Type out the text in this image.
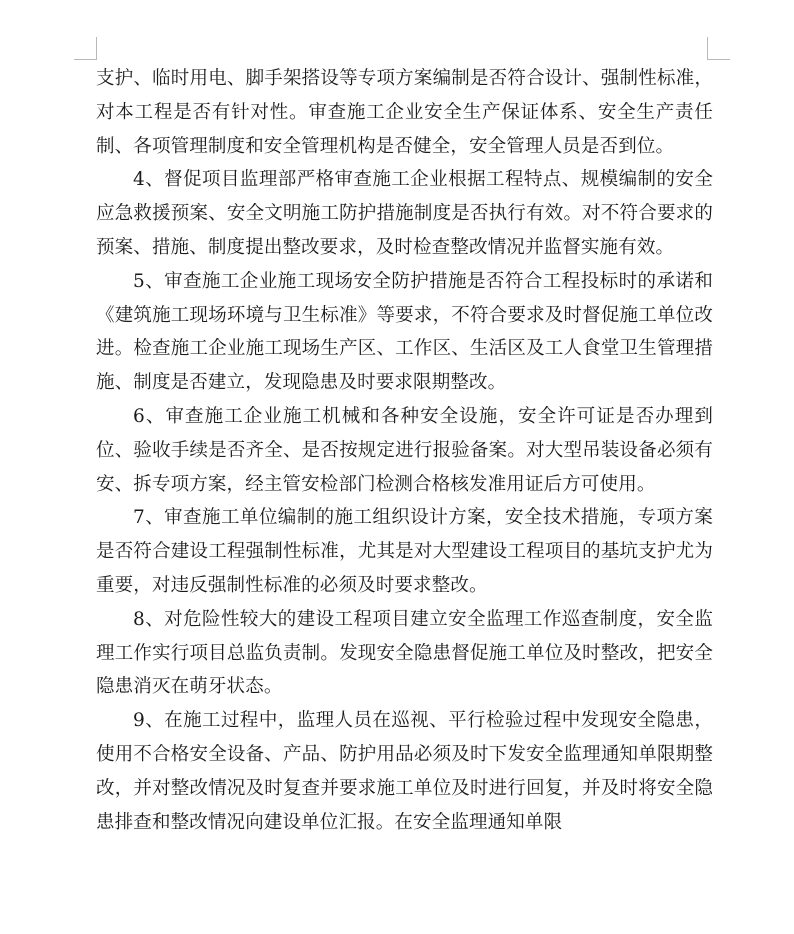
支护、临时用电、脚手架搭设等专项方案编制是否符合设计、强制性标准，对本工程是否有针对性。审查施工企业安全生产保证体系、安全生产责任制、各项管理制度和安全管理机构是否健全，安全管理人员是否到位。

4、督促项目监理部严格审查施工企业根据工程特点、规模编制的安全应急救援预案、安全文明施工防护措施制度是否执行有效。对不符合要求的预案、措施、制度提出整改要求，及时检查整改情况并监督实施有效。

5、审查施工企业施工现场安全防护措施是否符合工程投标时的承诺和《建筑施工现场环境与卫生标准》等要求，不符合要求及时督促施工单位改进。检查施工企业施工现场生产区、工作区、生活区及工人食堂卫生管理措施、制度是否建立，发现隐患及时要求限期整改。

6、审查施工企业施工机械和各种安全设施，安全许可证是否办理到位、验收手续是否齐全、是否按规定进行报验备案。对大型吊装设备必须有安、拆专项方案，经主管安检部门检测合格核发准用证后方可使用。

7、审查施工单位编制的施工组织设计方案，安全技术措施，专项方案是否符合建设工程强制性标准，尤其是对大型建设工程项目的基坑支护尤为重要，对违反强制性标准的必须及时要求整改。

8、对危险性较大的建设工程项目建立安全监理工作巡查制度，安全监理工作实行项目总监负责制。发现安全隐患督促施工单位及时整改，把安全隐患消灭在萌牙状态。

9、在施工过程中，监理人员在巡视、平行检验过程中发现安全隐患，使用不合格安全设备、产品、防护用品必须及时下发安全监理通知单限期整改，并对整改情况及时复查并要求施工单位及时进行回复，并及时将安全隐患排查和整改情况向建设单位汇报。在安全监理通知单限
